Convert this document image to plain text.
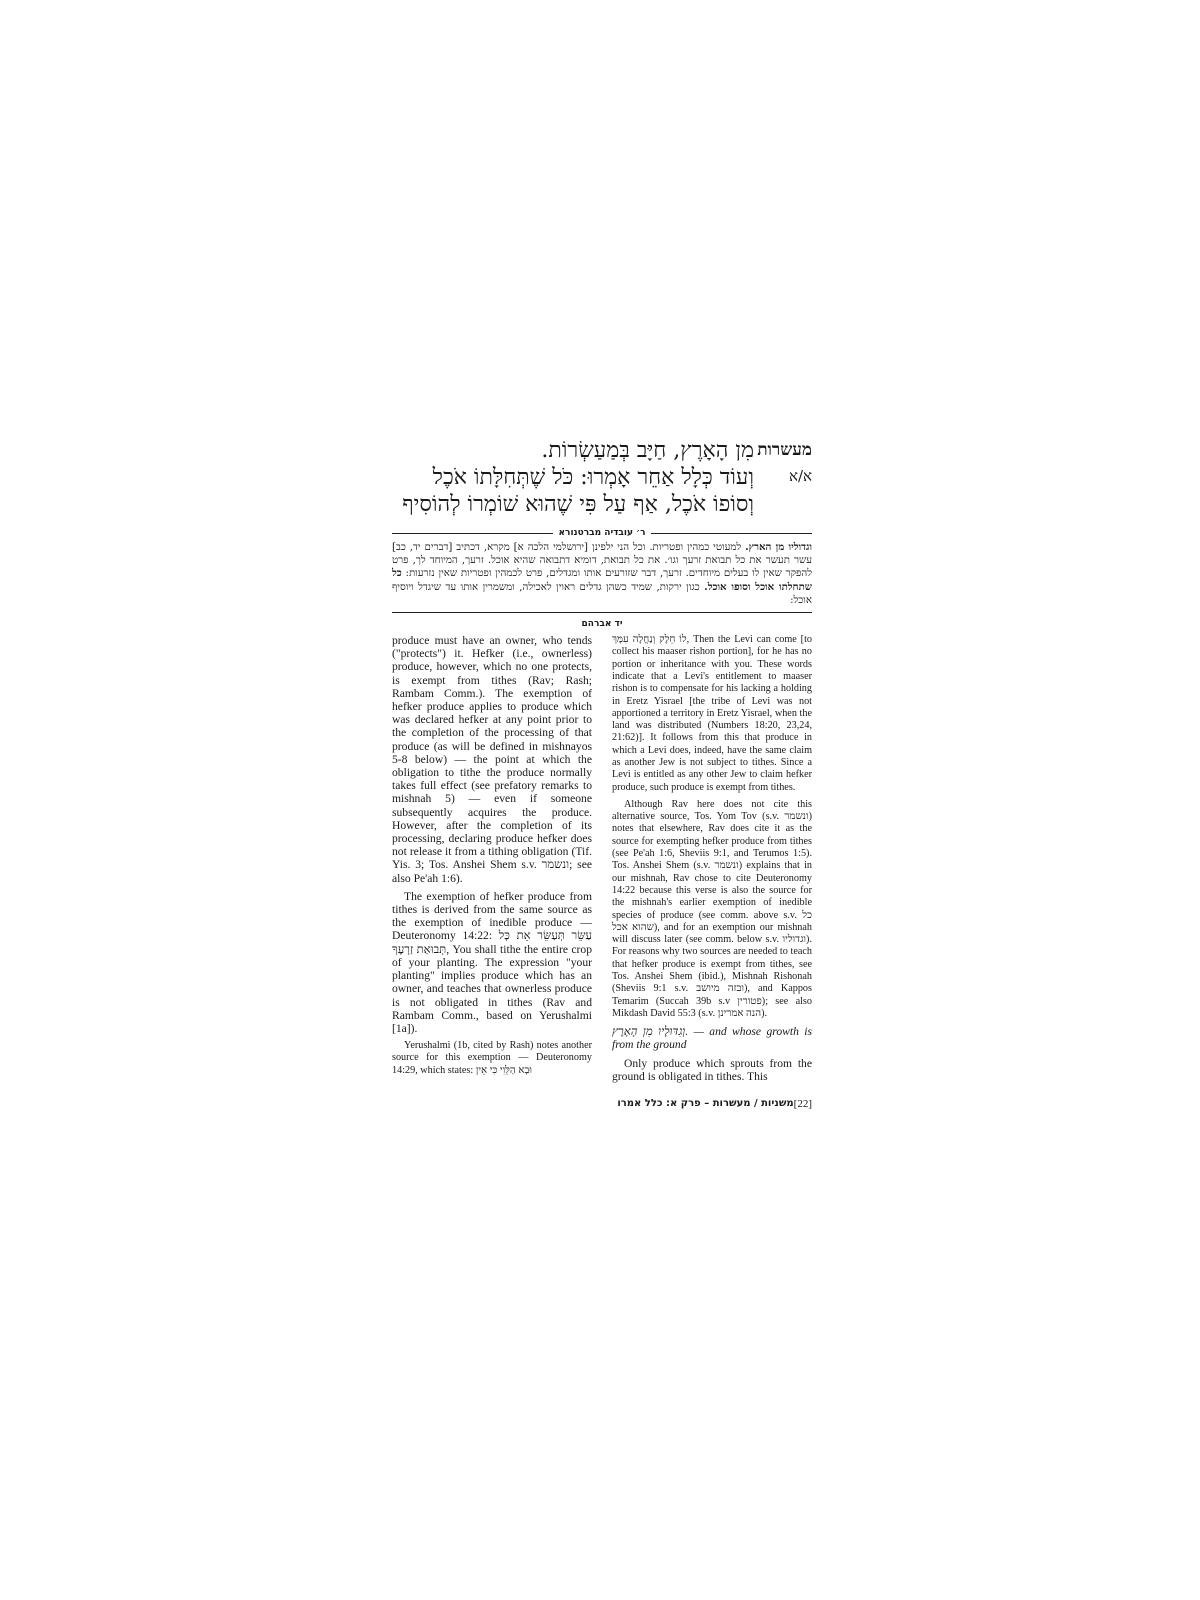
מעשרות
א/א
מִן הָאָרֶץ, חַיָּב בְּמַעַשְׂרוֹת.
וְעוֹד כְּלָל אַחֵר אָמְרוּ: כֹּל שֶׁתְּחִלָּתוֹ אֹכֶל
וְסוֹפוֹ אֹכֶל, אַף עַל פִּי שֶׁהוּא שׁוֹמְרוֹ לְהוֹסִיף
ר׳ עובדיה מברטנורא
וגדוליו מן הארץ. למעוטי כמהין ופטריות. וכל הני ילפינן [ירושלמי הלכה א] מקרא, דכתיב [דברים יד, כב] עשר תעשר את כל תבואת זרעך וגו׳. את כל תבואת, דומיא דתבואה שהיא אוכל. זרעך, המיוחד לך, פרט להפקר שאין לו בעלים מיוחדים. זרעך, דבר שזורעים אותו ומגדלים, פרט לכמהין ופטריות שאין נזרעות: כל שתחלתו אוכל וסופו אוכל. כגון ירקות, שמיד כשהן גדלים ראוין לאכילה, ומשמרין אותו עד שיגדל ויוסיף אוכל:
יד אברהם

produce must have an owner, who tends ("protects") it. Hefker (i.e., ownerless) produce, however, which no one protects, is exempt from tithes (Rav; Rash; Rambam Comm.). The exemption of hefker produce applies to produce which was declared hefker at any point prior to the completion of the processing of that produce (as will be defined in mishnayos 5-8 below) — the point at which the obligation to tithe the produce normally takes full effect (see prefatory remarks to mishnah 5) — even if someone subsequently acquires the produce. However, after the completion of its processing, declaring produce hefker does not release it from a tithing obligation (Tif. Yis. 3; Tos. Anshei Shem s.v. ונשמר; see also Pe'ah 1:6).

The exemption of hefker produce from tithes is derived from the same source as the exemption of inedible produce — Deuteronomy 14:22: עַשֵּׂר תְּעַשֵּׂר אֵת כָּל תְּבוּאַת זַרְעֶךָ, You shall tithe the entire crop of your planting. The expression "your planting" implies produce which has an owner, and teaches that ownerless produce is not obligated in tithes (Rav and Rambam Comm., based on Yerushalmi [1a]).

Yerushalmi (1b, cited by Rash) notes another source for this exemption — Deuteronomy 14:29, which states: וּבָא הַלֵּוִי כִּי אֵין

לוֹ חֵלֶק וְנַחֲלָה עִמָּךְ, Then the Levi can come [to collect his maaser rishon portion], for he has no portion or inheritance with you. These words indicate that a Levi's entitlement to maaser rishon is to compensate for his lacking a holding in Eretz Yisrael [the tribe of Levi was not apportioned a territory in Eretz Yisrael, when the land was distributed (Numbers 18:20, 23,24, 21:62)]. It follows from this that produce in which a Levi does, indeed, have the same claim as another Jew is not subject to tithes. Since a Levi is entitled as any other Jew to claim hefker produce, such produce is exempt from tithes.

Although Rav here does not cite this alternative source, Tos. Yom Tov (s.v. ונשמר) notes that elsewhere, Rav does cite it as the source for exempting hefker produce from tithes (see Pe'ah 1:6, Sheviis 9:1, and Terumos 1:5). Tos. Anshei Shem (s.v. ונשמר) explains that in our mishnah, Rav chose to cite Deuteronomy 14:22 because this verse is also the source for the mishnah's earlier exemption of inedible species of produce (see comm. above s.v. כל שהוא אכל), and for an exemption our mishnah will discuss later (see comm. below s.v. וגדוליו). For reasons why two sources are needed to teach that hefker produce is exempt from tithes, see Tos. Anshei Shem (ibid.), Mishnah Rishonah (Sheviis 9:1 s.v. ובזה מיושב), and Kappos Temarim (Succah 39b s.v פטורין); see also Mikdash David 55:3 (s.v. הנה אמרינן).

וְגִדּוּלָיו מִן הָאָרֶץ. — and whose growth is from the ground

Only produce which sprouts from the ground is obligated in tithes. This

[22]
משניות / מעשרות – פרק א: כלל אמרו
